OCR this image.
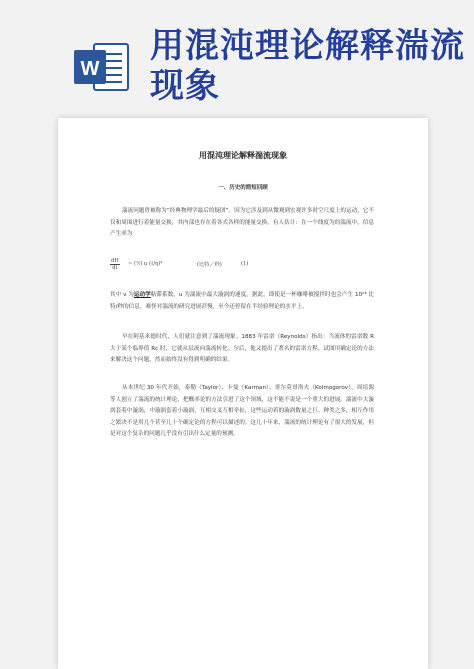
W
用混沌理论解释湍流现象
用混沌理论解释湍流现象
一、历史的简短回顾

湍流问题曾被称为“经典物理学最后的疑团”。因为它涉及到从微观到宏观许多时空尺度上的运动，它不仅和周围进行着能量交换，其内部也存在着各式各样的能量交换。有人估计：在一个线度为的湍流中，信息产生率为

$\frac{dH}{dt}$ ~ (¹⁄ₗ) u (ℓ/η)³	(比特／秒)	(1)

其中 v 为运动学粘滞系数，u 为湍流中最大漩涡的速度。据此，即使是一杯咖啡被搅拌时也会产生 10²³ 比特/秒的信息。难怪对湍流的研究进展甚慢，至今还停留在半经验理论的水平上。

早在阿基米德时代，人们就注意到了湍流现象。1883 年雷诺（Reynolds）指出：当流体的雷诺数 R 大于某个临界值 Rc 时，它就从层流向湍流转化。尔后，他又提出了著名的雷诺方程，试图用确定论的方法来解决这个问题，然而始终没有得到明确的结果。

从本世纪 30 年代开始，泰勒（Taylor）、卡曼（Karman）、哥尔莫哥洛夫（Kolmogorov），周培源等人创立了湍流的统计理论，把概率论的方法引进了这个领域，这不能不说是一个重大的进展。湍流中大漩涡套着中漩涡，中漩涡套着小漩涡，互相交叉互相牵扯，这些运动着的漩涡数量之巨、种类之多，相互作用之繁决不是用几个甚至几十个确定论的方程可以描述的。这几十年来，湍流的统计理论有了很大的发展，但是对这个复杂的问题几乎没有引出什么定量的预测。
